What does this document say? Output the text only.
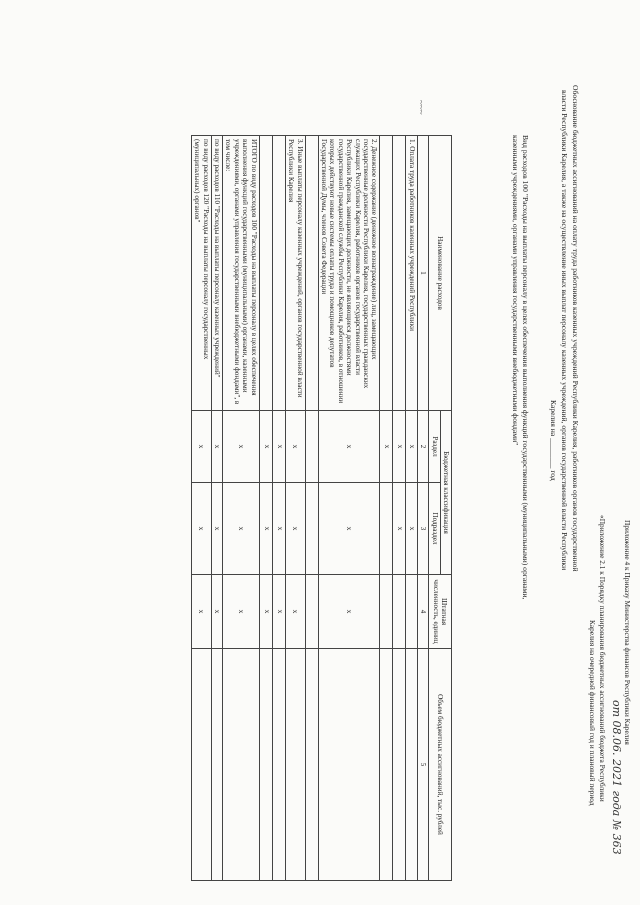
Приложение 4 к Приказу Министерства финансов Республики Карелия
от 08.06. 2021 года № 363
«Приложение 2.1 к Порядку планирования бюджетных ассигнований бюджета Республики
Карелия на очередной финансовый год и плановый период
Обоснование бюджетных ассигнований на оплату труда работников казенных учреждений Республики Карелия, работников органов государственной
власти Республики Карелия, а также на осуществление иных выплат персоналу казенных учреждений, органов государственной власти Республики
Карелия на ________ год
Вид расходов 100 "Расходы на выплаты персоналу в целях обеспечения выполнения функций государственными (муниципальными) органами,
казенными учреждениями, органами управления государственными внебюджетными фондами"
~~~
Наименование расходов	Бюджетная классификация		Штатная численность, единиц	Объем бюджетных ассигнований, тыс. рублей
	Раздел	Подраздел		
1	2	3	4	5
1. Оплата труда работников казенных учреждений Республики	х	х		
	х	х		
	х			
2. Денежное содержание (денежное вознаграждение) лиц, замещающих государственные должности Республики Карелия, государственных гражданских служащих Республики Карелия, работников органов государственной власти Республики Карелия, замещающих должности, не являющиеся должностями государственной гражданской службы Республики Карелия, работников, в отношении которых действуют новые системы оплаты труда и помощников депутатов Государственной Думы, членов Совета Федерации	х	х	х	

3. Иные выплаты персоналу казенных учреждений, органов государственной власти Республики Карелия	х	х	х	
	х	х	х	
	х	х	х	
ИТОГО по виду расходов 100 "Расходы на выплаты персоналу в целях обеспечения выполнения функций государственными (муниципальными) органами, казенными учреждениями, органами управления государственными внебюджетными фондами", в том числе:	х	х	х	
по виду расходов 110 "Расходы на выплаты персоналу казенных учреждений"	х	х	х	
по виду расходов 120 "Расходы на выплаты персоналу государственных (муниципальных) органов"	х	х	х	
